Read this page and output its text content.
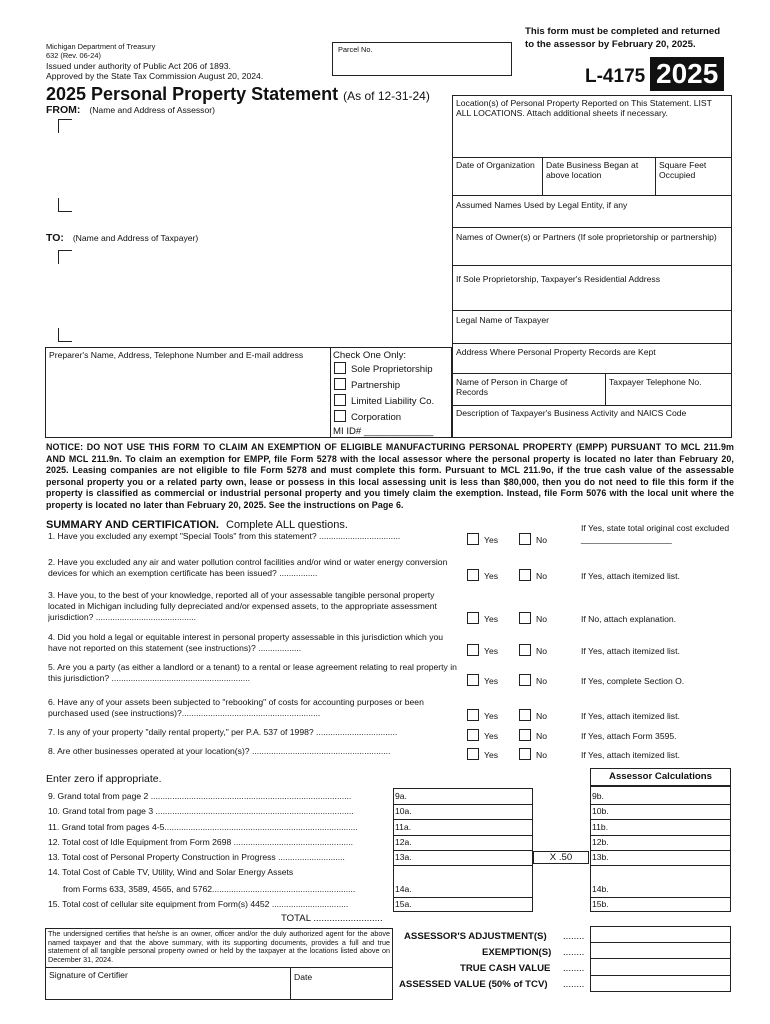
Michigan Department of Treasury
632 (Rev. 06-24)
Issued under authority of Public Act 206 of 1893.
Approved by the State Tax Commission August 20, 2024.
Parcel No.
This form must be completed and returned to the assessor by February 20, 2025.
L-4175 2025
2025 Personal Property Statement (As of 12-31-24)
FROM: (Name and Address of Assessor)
TO: (Name and Address of Taxpayer)
Location(s) of Personal Property Reported on This Statement. LIST ALL LOCATIONS. Attach additional sheets if necessary.
Date of Organization	Date Business Began at above location
Square Feet Occupied
Assumed Names Used by Legal Entity, if any
Names of Owner(s) or Partners (If sole proprietorship or partnership)
If Sole Proprietorship, Taxpayer's Residential Address
Legal Name of Taxpayer
Address Where Personal Property Records are Kept
Name of Person in Charge of Records
Taxpayer Telephone No.
Description of Taxpayer's Business Activity and NAICS Code
Preparer's Name, Address, Telephone Number and E-mail address	Check One Only:
Sole Proprietorship
Partnership
Limited Liability Co.
Corporation
MI ID# _____________
NOTICE: DO NOT USE THIS FORM TO CLAIM AN EXEMPTION OF ELIGIBLE MANUFACTURING PERSONAL PROPERTY (EMPP) PURSUANT TO MCL 211.9m AND MCL 211.9n. To claim an exemption for EMPP, file Form 5278 with the local assessor where the personal property is located no later than February 20, 2025. Leasing companies are not eligible to file Form 5278 and must complete this form. Pursuant to MCL 211.9o, if the true cash value of the assessable personal property you or a related party own, lease or possess in this local assessing unit is less than $80,000, then you do not need to file this form if the property is classified as commercial or industrial personal property and you timely claim the exemption. Instead, file Form 5076 with the local unit where the property is located no later than February 20, 2025. See the instructions on Page 6.
SUMMARY AND CERTIFICATION. Complete ALL questions.
1. Have you excluded any exempt "Special Tools" from this statement? ..................................	Yes	No
If Yes, state total original cost excluded ___________________
2. Have you excluded any air and water pollution control facilities and/or wind or water energy conversion devices for which an exemption certificate has been issued? ................	Yes	No	If Yes, attach itemized list.
3. Have you, to the best of your knowledge, reported all of your assessable tangible personal property located in Michigan including fully depreciated and/or expensed assets, to the appropriate assessment jurisdiction? ..........................................	Yes	No	If No, attach explanation.
4. Did you hold a legal or equitable interest in personal property assessable in this jurisdiction which you have not reported on this statement (see instructions)? ..................	Yes	No	If Yes, attach itemized list.
5. Are you a party (as either a landlord or a tenant) to a rental or lease agreement relating to real property in this jurisdiction? ..........................................................	Yes	No	If Yes, complete Section O.
6. Have any of your assets been subjected to "rebooking" of costs for accounting purposes or been purchased used (see instructions)?..........................................................	Yes	No	If Yes, attach itemized list.
7. Is any of your property "daily rental property," per P.A. 537 of 1998? ..................................	Yes	No	If Yes, attach Form 3595.
8. Are other businesses operated at your location(s)? ..........................................................	Yes	No	If Yes, attach itemized list.
Enter zero if appropriate.	Assessor Calculations
9. Grand total from page 2 ....................................................................................	9a.	9b.
10. Grand total from page 3 ...................................................................................	10a.	10b.
11. Grand total from pages 4-5.................................................................................	11a.	11b.
12. Total cost of Idle Equipment from Form 2698 ..................................................	12a.	12b.
13. Total cost of Personal Property Construction in Progress ............................	13a.	13b.
14. Total Cost of Cable TV, Utility, Wind and Solar Energy Assets
from Forms 633, 3589, 4565, and 5762............................................................	14a.	14b.
15. Total cost of cellular site equipment from Form(s) 4452 ................................	15a.	15b.
X .50
TOTAL ..........................
The undersigned certifies that he/she is an owner, officer and/or the duly authorized agent for the above named taxpayer and that the above summary, with its supporting documents, provides a full and true statement of all tangible personal property owned or held by the taxpayer at the locations listed above on December 31, 2024.
Signature of Certifier	Date
ASSESSOR'S ADJUSTMENT(S) ........
EXEMPTION(S) ........
TRUE CASH VALUE ........
ASSESSED VALUE (50% of TCV) ........
